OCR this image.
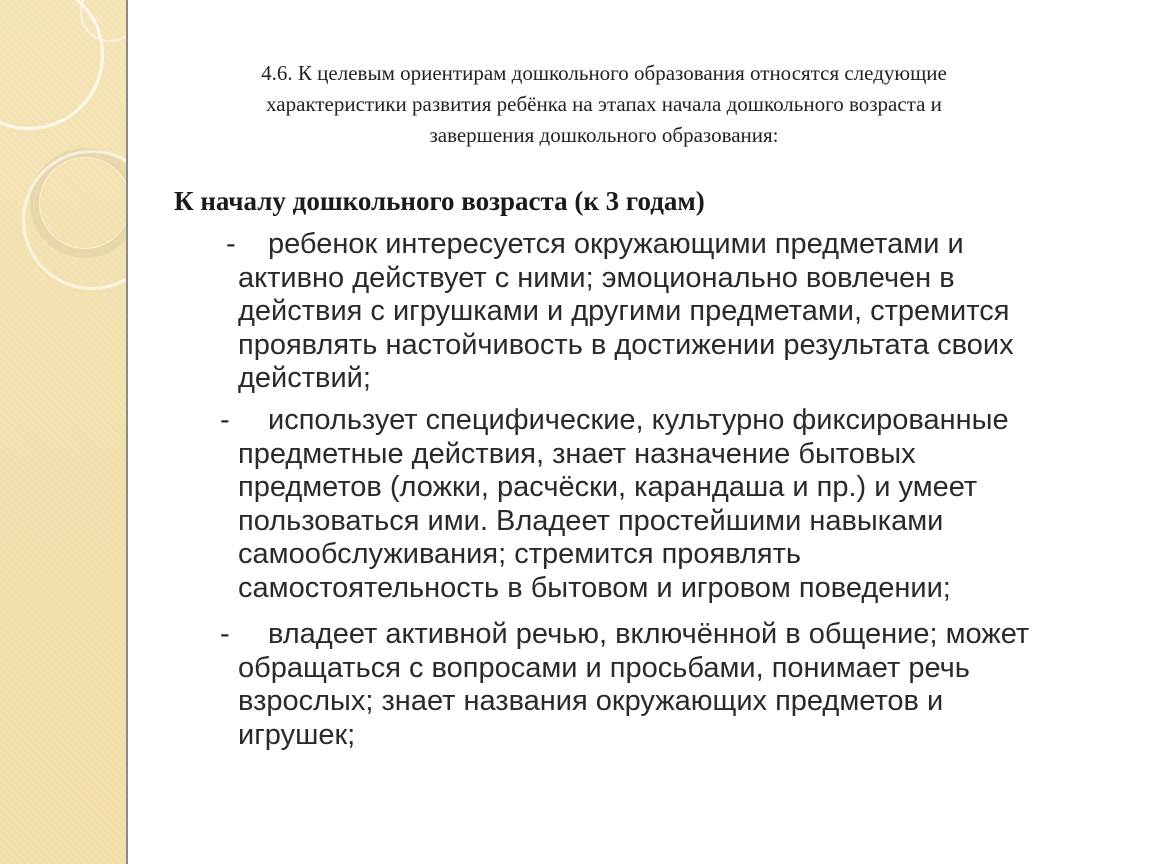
4.6. К целевым ориентирам дошкольного образования относятся следующие характеристики развития ребёнка на этапах начала дошкольного возраста и завершения дошкольного образования:

К началу дошкольного возраста (к 3 годам)

-	ребенок интересуется окружающими предметами и
активно действует с ними; эмоционально вовлечен в
действия с игрушками и другими предметами, стремится
проявлять настойчивость в достижении результата своих
действий;
-	использует специфические, культурно фиксированные
предметные действия, знает назначение бытовых
предметов (ложки, расчёски, карандаша и пр.) и умеет
пользоваться ими. Владеет простейшими навыками
самообслуживания; стремится проявлять
самостоятельность в бытовом и игровом поведении;
-	владеет активной речью, включённой в общение; может
обращаться с вопросами и просьбами, понимает речь
взрослых; знает названия окружающих предметов и
игрушек;
